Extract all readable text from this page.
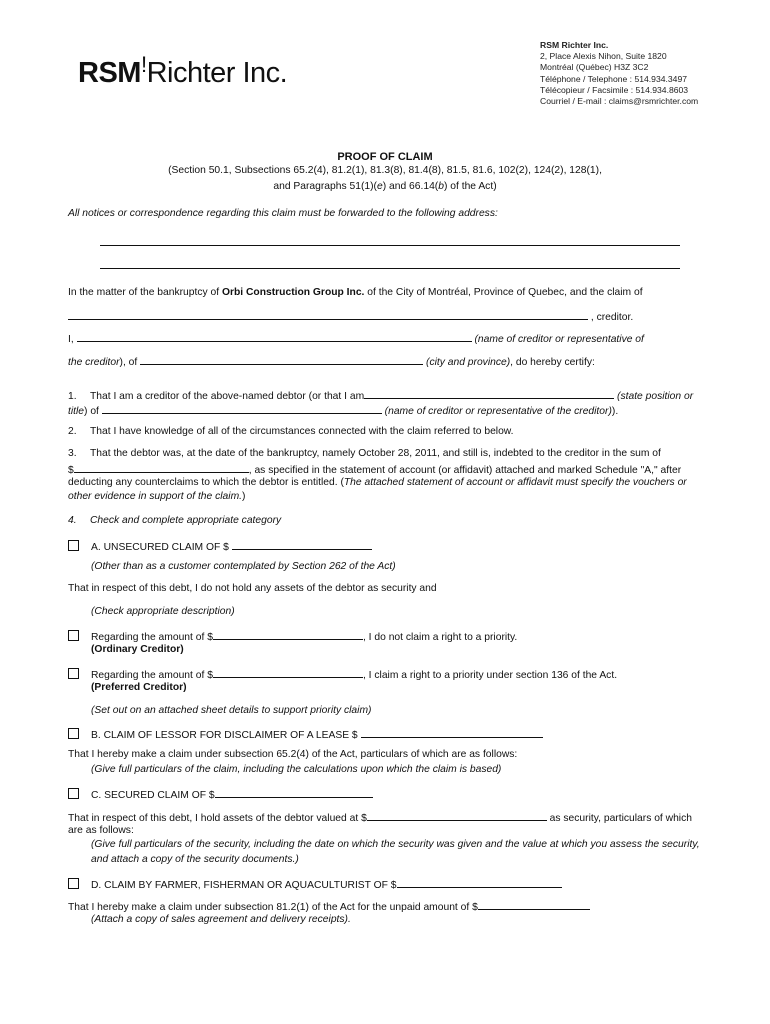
RSM!Richter Inc.
RSM Richter Inc.
2, Place Alexis Nihon, Suite 1820
Montréal (Québec) H3Z 3C2
Téléphone / Telephone : 514.934.3497
Télécopieur / Facsimile : 514.934.8603
Courriel / E-mail : claims@rsmrichter.com
PROOF OF CLAIM
(Section 50.1, Subsections 65.2(4), 81.2(1), 81.3(8), 81.4(8), 81.5, 81.6, 102(2), 124(2), 128(1),
and Paragraphs 51(1)(e) and 66.14(b) of the Act)
All notices or correspondence regarding this claim must be forwarded to the following address:
In the matter of the bankruptcy of Orbi Construction Group Inc. of the City of Montréal, Province of Quebec, and the claim of
, creditor.
I,	(name of creditor or representative of
the creditor), of	(city and province), do hereby certify:
1. That I am a creditor of the above-named debtor (or that I am	(state position or
title) of	(name of creditor or representative of the creditor)).
2. That I have knowledge of all of the circumstances connected with the claim referred to below.
3. That the debtor was, at the date of the bankruptcy, namely October 28, 2011, and still is, indebted to the creditor in the sum of
$	, as specified in the statement of account (or affidavit) attached and marked Schedule "A," after
deducting any counterclaims to which the debtor is entitled. (The attached statement of account or affidavit must specify the vouchers or
other evidence in support of the claim.)
4. Check and complete appropriate category
A. UNSECURED CLAIM OF $
(Other than as a customer contemplated by Section 262 of the Act)
That in respect of this debt, I do not hold any assets of the debtor as security and
(Check appropriate description)
Regarding the amount of $	, I do not claim a right to a priority.
(Ordinary Creditor)
Regarding the amount of $	, I claim a right to a priority under section 136 of the Act.
(Preferred Creditor)
(Set out on an attached sheet details to support priority claim)
B. CLAIM OF LESSOR FOR DISCLAIMER OF A LEASE $
That I hereby make a claim under subsection 65.2(4) of the Act, particulars of which are as follows:
(Give full particulars of the claim, including the calculations upon which the claim is based)
C. SECURED CLAIM OF $
That in respect of this debt, I hold assets of the debtor valued at $	as security, particulars of which
are as follows:
(Give full particulars of the security, including the date on which the security was given and the value at which you assess the security,
and attach a copy of the security documents.)
D. CLAIM BY FARMER, FISHERMAN OR AQUACULTURIST OF $
That I hereby make a claim under subsection 81.2(1) of the Act for the unpaid amount of $
(Attach a copy of sales agreement and delivery receipts).
